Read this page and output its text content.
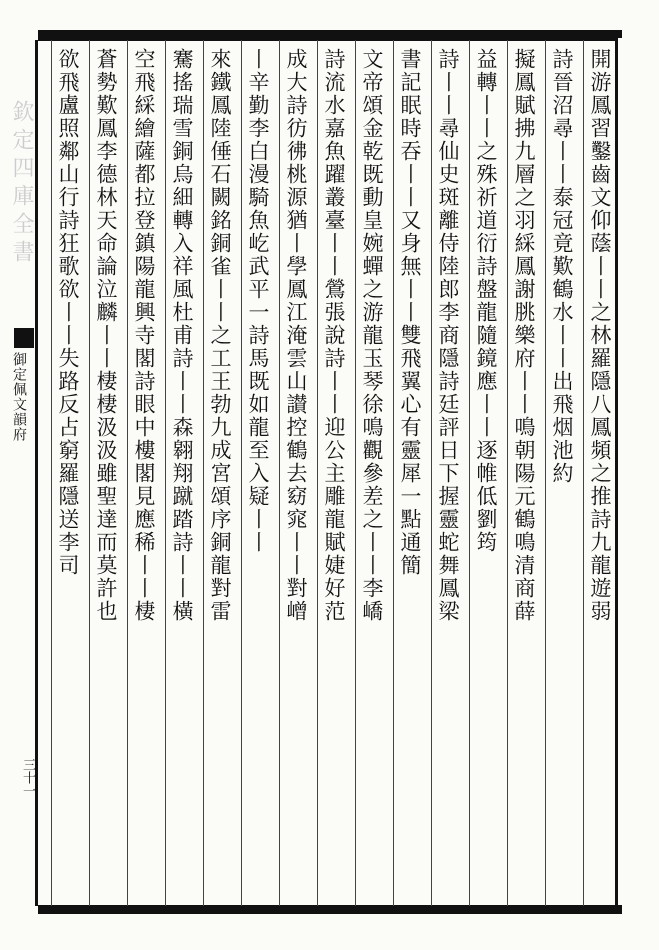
欽定四庫全書
御定佩文韻府
三十一
開游鳳習鑿齒文仰蔭丨丨之林羅隱八鳳頻之推詩九龍遊弱
詩晉沼尋丨丨泰冠竟歎鶴水丨丨出飛烟池約
擬鳳賦拂九層之羽綵鳳謝朓樂府丨丨鳴朝陽元鶴鳴清商薛
益轉丨丨之殊祈道衍詩盤龍隨鏡應丨丨逐帷低劉筠
詩丨丨尋仙史斑離侍陸郎李商隱詩廷評日下握靈蛇舞鳳梁
書記眠時吞丨丨又身無丨丨雙飛翼心有靈犀一點通簡
文帝頌金乾既動皇婉蟬之游龍玉琴徐鳴觀參差之丨丨李嶠
詩流水嘉魚躍叢臺丨丨鶯張說詩丨丨迎公主雕龍賦婕好范
成大詩彷彿桃源猶丨學鳳江淹雲山讃控鶴去窈窕丨丨對嶒
丨辛勤李白漫騎魚屹武平一詩馬既如龍至入疑丨丨
來鐵鳳陸倕石闕銘銅雀丨丨之工王勃九成宮頌序銅龍對雷
騫搖瑞雪銅烏細轉入祥風杜甫詩丨丨森翱翔蹴踏詩丨丨橫
空飛綵繪薩都拉登鎮陽龍興寺閣詩眼中樓閣見應稀丨丨棲
蒼勢歎鳳李德林天命論泣麟丨丨棲棲汲汲雖聖達而莫許也
欲飛盧照鄰山行詩狂歌欲丨丨失路反占窮羅隱送李司
